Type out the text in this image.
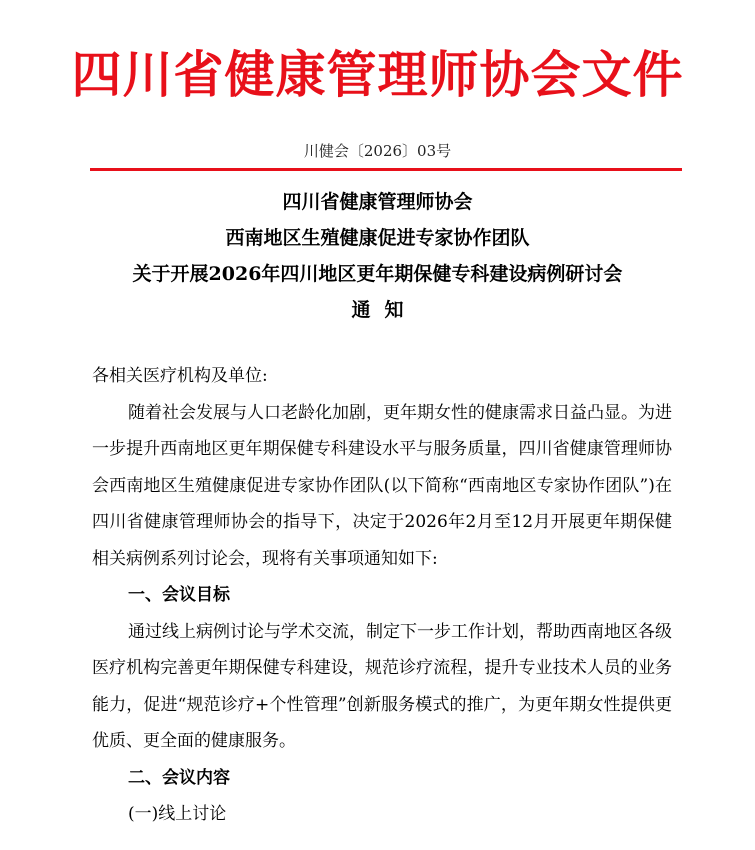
四川省健康管理师协会文件
川健会〔2026〕03号
四川省健康管理师协会
西南地区生殖健康促进专家协作团队
关于开展2026年四川地区更年期保健专科建设病例研讨会
通知

各相关医疗机构及单位:

随着社会发展与人口老龄化加剧，更年期女性的健康需求日益凸显。为进一步提升西南地区更年期保健专科建设水平与服务质量，四川省健康管理师协会西南地区生殖健康促进专家协作团队(以下简称“西南地区专家协作团队”)在四川省健康管理师协会的指导下，决定于2026年2月至12月开展更年期保健相关病例系列讨论会，现将有关事项通知如下:

一、会议目标

通过线上病例讨论与学术交流，制定下一步工作计划，帮助西南地区各级医疗机构完善更年期保健专科建设，规范诊疗流程，提升专业技术人员的业务能力，促进“规范诊疗+个性管理”创新服务模式的推广，为更年期女性提供更优质、更全面的健康服务。

二、会议内容

(一)线上讨论
